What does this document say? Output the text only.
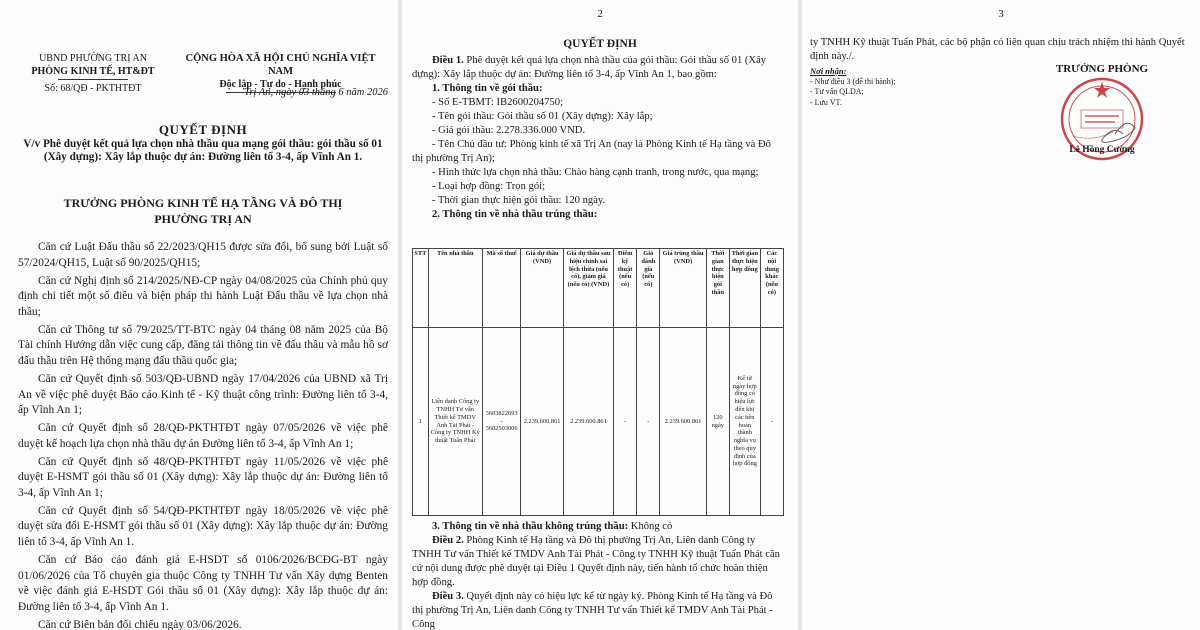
UBND PHƯỜNG TRỊ AN
PHÒNG KINH TẾ, HT&ĐT
Số: 68/QĐ - PKTHTĐT
CỘNG HÒA XÃ HỘI CHỦ NGHĨA VIỆT NAM
Độc lập - Tự do - Hạnh phúc
Trị An, ngày 03 tháng 6 năm 2026
QUYẾT ĐỊNH
V/v Phê duyệt kết quả lựa chọn nhà thầu qua mạng gói thầu: gói thầu số 01 (Xây dựng): Xây lắp thuộc dự án: Đường liên tổ 3-4, ấp Vĩnh An 1.
TRƯỞNG PHÒNG KINH TẾ HẠ TẦNG VÀ ĐÔ THỊ
PHƯỜNG TRỊ AN

Căn cứ Luật Đấu thầu số 22/2023/QH15 được sửa đổi, bổ sung bởi Luật số 57/2024/QH15, Luật số 90/2025/QH15;

Căn cứ Nghị định số 214/2025/NĐ-CP ngày 04/08/2025 của Chính phủ quy định chi tiết một số điều và biện pháp thi hành Luật Đấu thầu về lựa chọn nhà thầu;

Căn cứ Thông tư số 79/2025/TT-BTC ngày 04 tháng 08 năm 2025 của Bộ Tài chính Hướng dẫn việc cung cấp, đăng tải thông tin về đấu thầu và mẫu hồ sơ đấu thầu trên Hệ thống mạng đấu thầu quốc gia;

Căn cứ Quyết định số 503/QĐ-UBND ngày 17/04/2026 của UBND xã Trị An về việc phê duyệt Báo cáo Kinh tế - Kỹ thuật công trình: Đường liên tổ 3-4, ấp Vĩnh An 1;

Căn cứ Quyết định số 28/QĐ-PKTHTĐT ngày 07/05/2026 về việc phê duyệt kế hoạch lựa chọn nhà thầu dự án Đường liên tổ 3-4, ấp Vĩnh An 1;

Căn cứ Quyết định số 48/QĐ-PKTHTĐT ngày 11/05/2026 về việc phê duyệt E-HSMT gói thầu số 01 (Xây dựng): Xây lắp thuộc dự án: Đường liên tổ 3-4, ấp Vĩnh An 1;

Căn cứ Quyết định số 54/QĐ-PKTHTĐT ngày 18/05/2026 về việc phê duyệt sửa đổi E-HSMT gói thầu số 01 (Xây dựng): Xây lắp thuộc dự án: Đường liên tổ 3-4, ấp Vĩnh An 1.

Căn cứ Báo cáo đánh giá E-HSDT số 0106/2026/BCĐG-BT ngày 01/06/2026 của Tổ chuyên gia thuộc Công ty TNHH Tư vấn Xây dựng Benten về việc đánh giá E-HSDT Gói thầu số 01 (Xây dựng): Xây lắp thuộc dự án: Đường liên tổ 3-4, ấp Vĩnh An 1.

Căn cứ Biên bản đối chiếu ngày 03/06/2026.

2
QUYẾT ĐỊNH

Điều 1. Phê duyệt kết quả lựa chọn nhà thầu của gói thầu: Gói thầu số 01 (Xây dựng): Xây lắp thuộc dự án: Đường liên tổ 3-4, ấp Vĩnh An 1, bao gồm:

1. Thông tin về gói thầu:

- Số E-TBMT: IB2600204750;

- Tên gói thầu: Gói thầu số 01 (Xây dựng): Xây lắp;

- Giá gói thầu: 2.278.336.000 VND.

- Tên Chủ đầu tư: Phòng kinh tế xã Trị An (nay là Phòng Kinh tế Hạ tầng và Đô thị phường Trị An);

- Hình thức lựa chọn nhà thầu: Chào hàng cạnh tranh, trong nước, qua mạng;

- Loại hợp đồng: Trọn gói;

- Thời gian thực hiện gói thầu: 120 ngày.

2. Thông tin về nhà thầu trúng thầu:

STT	Tên nhà thầu	Mã số thuế	Giá dự thầu (VND)	Giá dự thầu sau hiệu chỉnh sai lệch thừa (nếu có), giảm giá (nếu có) (VND)	Điểm kỹ thuật (nếu có)	Giá đánh giá (nếu có)	Giá trúng thầu (VND)	Thời gian thực hiện gói thầu	Thời gian thực hiện hợp đồng	Các nội dung khác (nếu có)
1	Liên danh Công ty TNHH Tư vấn Thiết kế TMDV Anh Tài Phát - Công ty TNHH Kỹ thuật Tuấn Phát	3603822693 - 3602503006	2.239.600.861	2.239.600.861	-	-	2.239.600.861	120 ngày	Kể từ ngày hợp đồng có hiệu lực đến khi các bên hoàn thành nghĩa vụ theo quy định của hợp đồng	-

3. Thông tin về nhà thầu không trúng thầu: Không có

Điều 2. Phòng Kinh tế Hạ tầng và Đô thị phường Trị An, Liên danh Công ty TNHH Tư vấn Thiết kế TMDV Anh Tài Phát - Công ty TNHH Kỹ thuật Tuấn Phát căn cứ nội dung được phê duyệt tại Điều 1 Quyết định này, tiến hành tổ chức hoàn thiện hợp đồng.

Điều 3. Quyết định này có hiệu lực kể từ ngày ký. Phòng Kinh tế Hạ tầng và Đô thị phường Trị An, Liên danh Công ty TNHH Tư vấn Thiết kế TMDV Anh Tài Phát - Công

3

ty TNHH Kỹ thuật Tuấn Phát, các bộ phận có liên quan chịu trách nhiệm thi hành Quyết định này./.

Nơi nhận:
- Như điều 3 (để thi hành);
- Tư vấn QLDA;
- Lưu VT.
TRƯỞNG PHÒNG
Lê Hồng Cường
